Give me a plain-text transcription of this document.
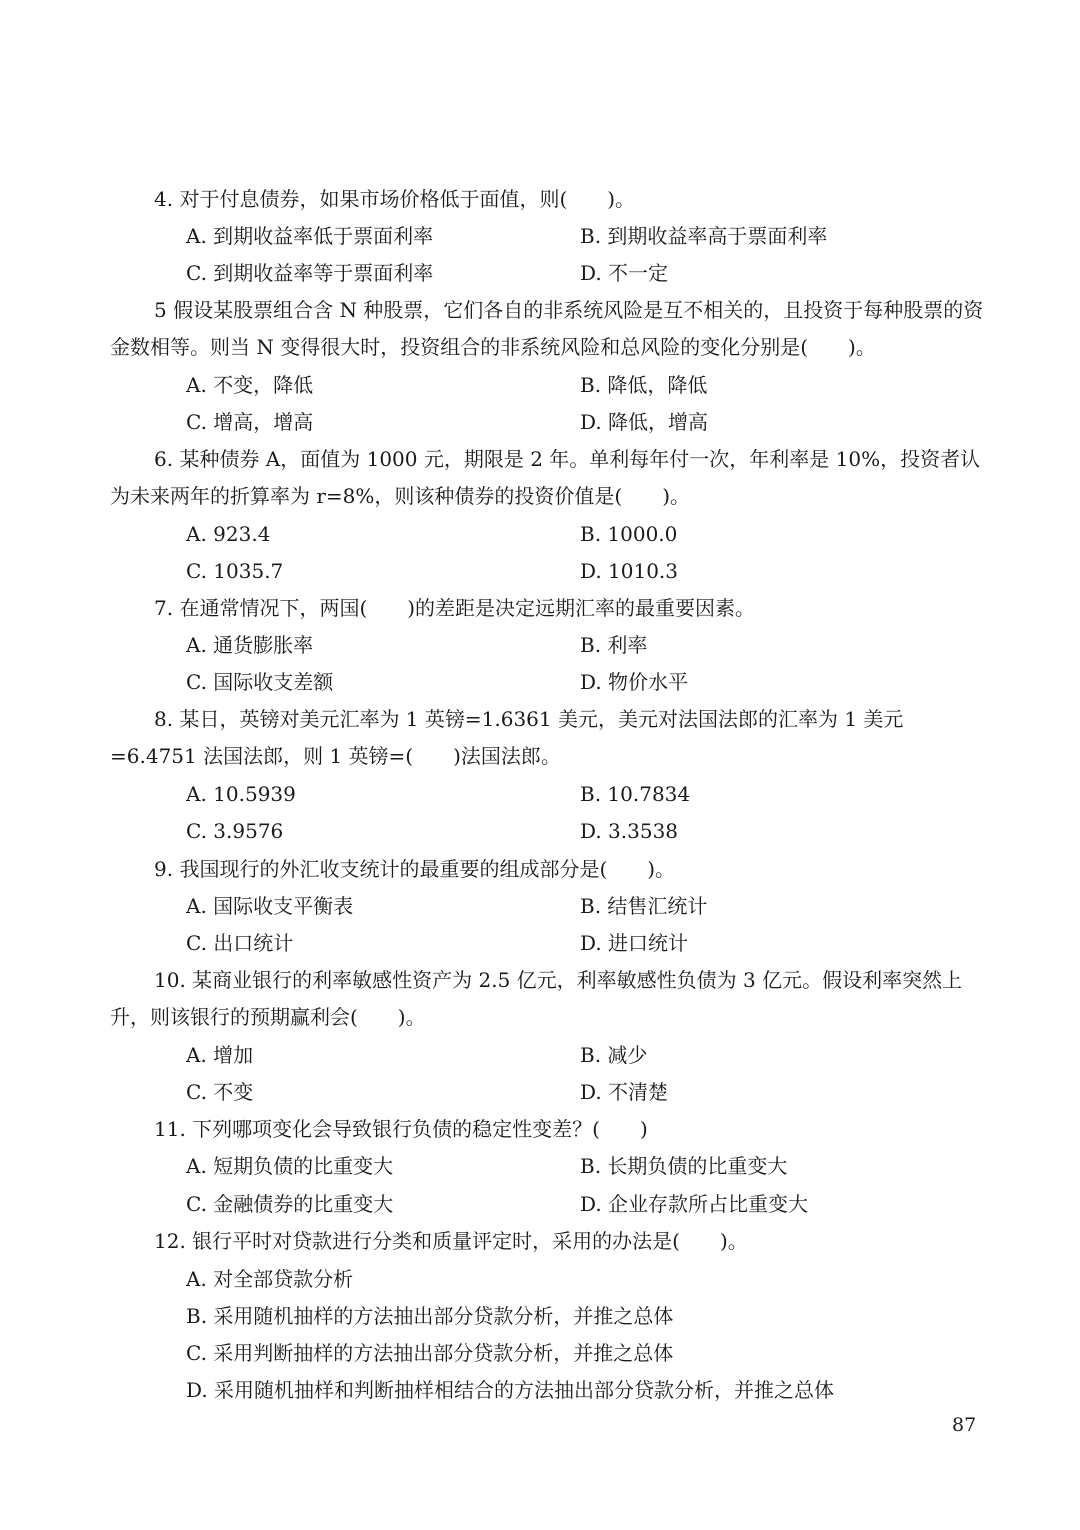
4. 对于付息债券，如果市场价格低于面值，则(　　)。
A. 到期收益率低于票面利率	B. 到期收益率高于票面利率
C. 到期收益率等于票面利率	D. 不一定
5 假设某股票组合含 N 种股票，它们各自的非系统风险是互不相关的，且投资于每种股票的资金数相等。则当 N 变得很大时，投资组合的非系统风险和总风险的变化分别是(　　)。
A. 不变，降低	B. 降低，降低
C. 增高，增高	D. 降低，增高
6. 某种债券 A，面值为 1000 元，期限是 2 年。单利每年付一次，年利率是 10%，投资者认为未来两年的折算率为 r=8%，则该种债券的投资价值是(　　)。
A. 923.4	B. 1000.0
C. 1035.7	D. 1010.3
7. 在通常情况下，两国(　　)的差距是决定远期汇率的最重要因素。
A. 通货膨胀率	B. 利率
C. 国际收支差额	D. 物价水平
8. 某日，英镑对美元汇率为 1 英镑=1.6361 美元，美元对法国法郎的汇率为 1 美元=6.4751 法国法郎，则 1 英镑=(　　)法国法郎。
A. 10.5939	B. 10.7834
C. 3.9576	D. 3.3538
9. 我国现行的外汇收支统计的最重要的组成部分是(　　)。
A. 国际收支平衡表	B. 结售汇统计
C. 出口统计	D. 进口统计
10. 某商业银行的利率敏感性资产为 2.5 亿元，利率敏感性负债为 3 亿元。假设利率突然上升，则该银行的预期赢利会(　　)。
A. 增加	B. 减少
C. 不变	D. 不清楚
11. 下列哪项变化会导致银行负债的稳定性变差？(　　)
A. 短期负债的比重变大	B. 长期负债的比重变大
C. 金融债券的比重变大	D. 企业存款所占比重变大
12. 银行平时对贷款进行分类和质量评定时，采用的办法是(　　)。
A. 对全部贷款分析
B. 采用随机抽样的方法抽出部分贷款分析，并推之总体
C. 采用判断抽样的方法抽出部分贷款分析，并推之总体
D. 采用随机抽样和判断抽样相结合的方法抽出部分贷款分析，并推之总体
87
